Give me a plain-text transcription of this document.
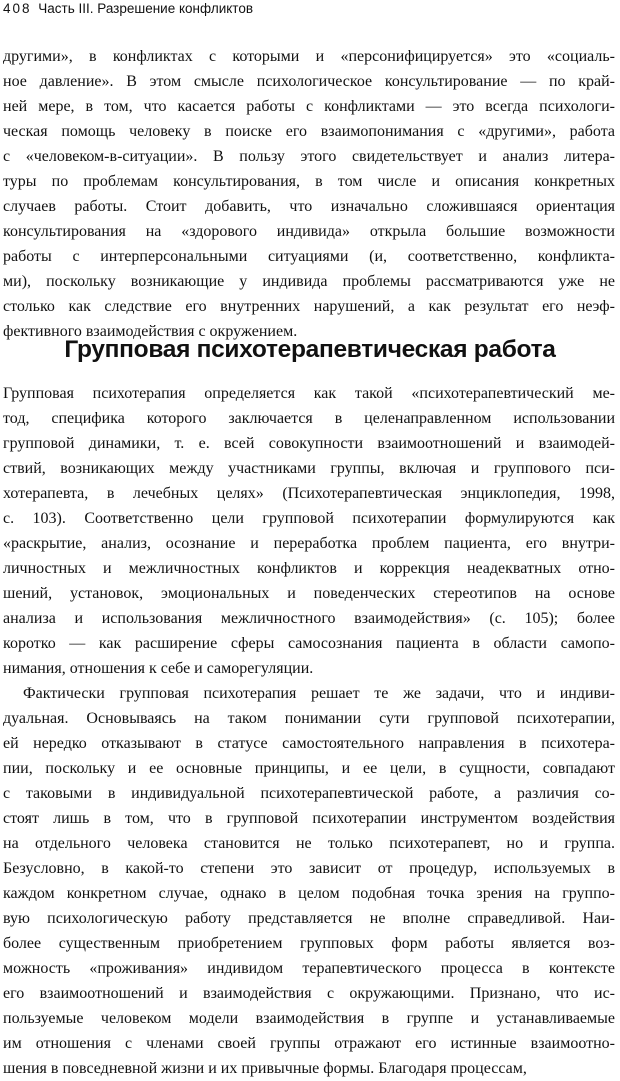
408 Часть III. Разрешение конфликтов
другими», в конфликтах с которыми и «персонифицируется» это «социаль-
ное давление». В этом смысле психологическое консультирование — по край-
ней мере, в том, что касается работы с конфликтами — это всегда психологи-
ческая помощь человеку в поиске его взаимопонимания с «другими», работа
с «человеком-в-ситуации». В пользу этого свидетельствует и анализ литера-
туры по проблемам консультирования, в том числе и описания конкретных
случаев работы. Стоит добавить, что изначально сложившаяся ориентация
консультирования на «здорового индивида» открыла большие возможности
работы с интерперсональными ситуациями (и, соответственно, конфликта-
ми), поскольку возникающие у индивида проблемы рассматриваются уже не
столько как следствие его внутренних нарушений, а как результат его неэф-
фективного взаимодействия с окружением.
Групповая психотерапевтическая работа
Групповая психотерапия определяется как такой «психотерапевтический ме-
тод, специфика которого заключается в целенаправленном использовании
групповой динамики, т. е. всей совокупности взаимоотношений и взаимодей-
ствий, возникающих между участниками группы, включая и группового пси-
хотерапевта, в лечебных целях» (Психотерапевтическая энциклопедия, 1998,
с. 103). Соответственно цели групповой психотерапии формулируются как
«раскрытие, анализ, осознание и переработка проблем пациента, его внутри-
личностных и межличностных конфликтов и коррекция неадекватных отно-
шений, установок, эмоциональных и поведенческих стереотипов на основе
анализа и использования межличностного взаимодействия» (с. 105); более
коротко — как расширение сферы самосознания пациента в области самопо-
нимания, отношения к себе и саморегуляции.
Фактически групповая психотерапия решает те же задачи, что и индиви-
дуальная. Основываясь на таком понимании сути групповой психотерапии,
ей нередко отказывают в статусе самостоятельного направления в психотера-
пии, поскольку и ее основные принципы, и ее цели, в сущности, совпадают
с таковыми в индивидуальной психотерапевтической работе, а различия со-
стоят лишь в том, что в групповой психотерапии инструментом воздействия
на отдельного человека становится не только психотерапевт, но и группа.
Безусловно, в какой-то степени это зависит от процедур, используемых в
каждом конкретном случае, однако в целом подобная точка зрения на группо-
вую психологическую работу представляется не вполне справедливой. Наи-
более существенным приобретением групповых форм работы является воз-
можность «проживания» индивидом терапевтического процесса в контексте
его взаимоотношений и взаимодействия с окружающими. Признано, что ис-
пользуемые человеком модели взаимодействия в группе и устанавливаемые
им отношения с членами своей группы отражают его истинные взаимоотно-
шения в повседневной жизни и их привычные формы. Благодаря процессам,
